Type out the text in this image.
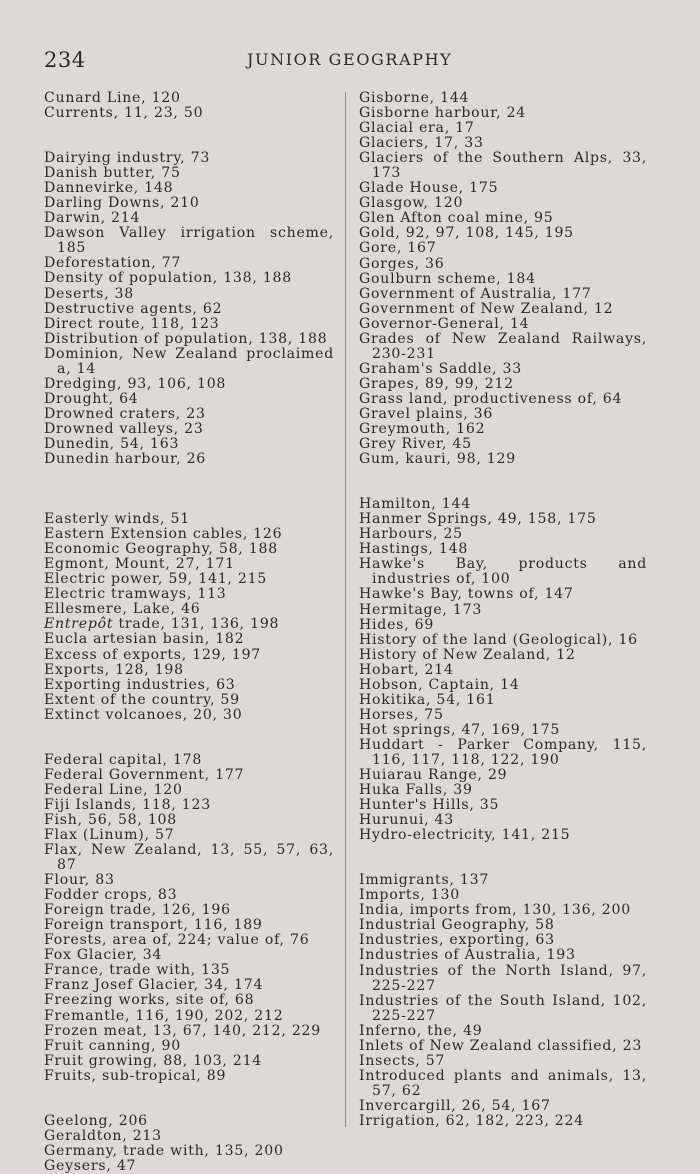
234	JUNIOR GEOGRAPHY
Cunard Line, 120
Currents, 11, 23, 50
Dairying industry, 73
Danish butter, 75
Dannevirke, 148
Darling Downs, 210
Darwin, 214
Dawson Valley irrigation scheme, 185
Deforestation, 77
Density of population, 138, 188
Deserts, 38
Destructive agents, 62
Direct route, 118, 123
Distribution of population, 138, 188
Dominion, New Zealand proclaimed a, 14
Dredging, 93, 106, 108
Drought, 64
Drowned craters, 23
Drowned valleys, 23
Dunedin, 54, 163
Dunedin harbour, 26
Easterly winds, 51
Eastern Extension cables, 126
Economic Geography, 58, 188
Egmont, Mount, 27, 171
Electric power, 59, 141, 215
Electric tramways, 113
Ellesmere, Lake, 46
Entrepôt trade, 131, 136, 198
Eucla artesian basin, 182
Excess of exports, 129, 197
Exports, 128, 198
Exporting industries, 63
Extent of the country, 59
Extinct volcanoes, 20, 30
Federal capital, 178
Federal Government, 177
Federal Line, 120
Fiji Islands, 118, 123
Fish, 56, 58, 108
Flax (Linum), 57
Flax, New Zealand, 13, 55, 57, 63, 87
Flour, 83
Fodder crops, 83
Foreign trade, 126, 196
Foreign transport, 116, 189
Forests, area of, 224; value of, 76
Fox Glacier, 34
France, trade with, 135
Franz Josef Glacier, 34, 174
Freezing works, site of, 68
Fremantle, 116, 190, 202, 212
Frozen meat, 13, 67, 140, 212, 229
Fruit canning, 90
Fruit growing, 88, 103, 214
Fruits, sub-tropical, 89
Geelong, 206
Geraldton, 213
Germany, trade with, 135, 200
Geysers, 47
Gisborne, 144
Gisborne harbour, 24
Glacial era, 17
Glaciers, 17, 33
Glaciers of the Southern Alps, 33, 173
Glade House, 175
Glasgow, 120
Glen Afton coal mine, 95
Gold, 92, 97, 108, 145, 195
Gore, 167
Gorges, 36
Goulburn scheme, 184
Government of Australia, 177
Government of New Zealand, 12
Governor-General, 14
Grades of New Zealand Railways, 230-231
Graham's Saddle, 33
Grapes, 89, 99, 212
Grass land, productiveness of, 64
Gravel plains, 36
Greymouth, 162
Grey River, 45
Gum, kauri, 98, 129
Hamilton, 144
Hanmer Springs, 49, 158, 175
Harbours, 25
Hastings, 148
Hawke's Bay, products and industries of, 100
Hawke's Bay, towns of, 147
Hermitage, 173
Hides, 69
History of the land (Geological), 16
History of New Zealand, 12
Hobart, 214
Hobson, Captain, 14
Hokitika, 54, 161
Horses, 75
Hot springs, 47, 169, 175
Huddart - Parker Company, 115, 116, 117, 118, 122, 190
Huiarau Range, 29
Huka Falls, 39
Hunter's Hills, 35
Hurunui, 43
Hydro-electricity, 141, 215
Immigrants, 137
Imports, 130
India, imports from, 130, 136, 200
Industrial Geography, 58
Industries, exporting, 63
Industries of Australia, 193
Industries of the North Island, 97, 225-227
Industries of the South Island, 102, 225-227
Inferno, the, 49
Inlets of New Zealand classified, 23
Insects, 57
Introduced plants and animals, 13, 57, 62
Invercargill, 26, 54, 167
Irrigation, 62, 182, 223, 224
